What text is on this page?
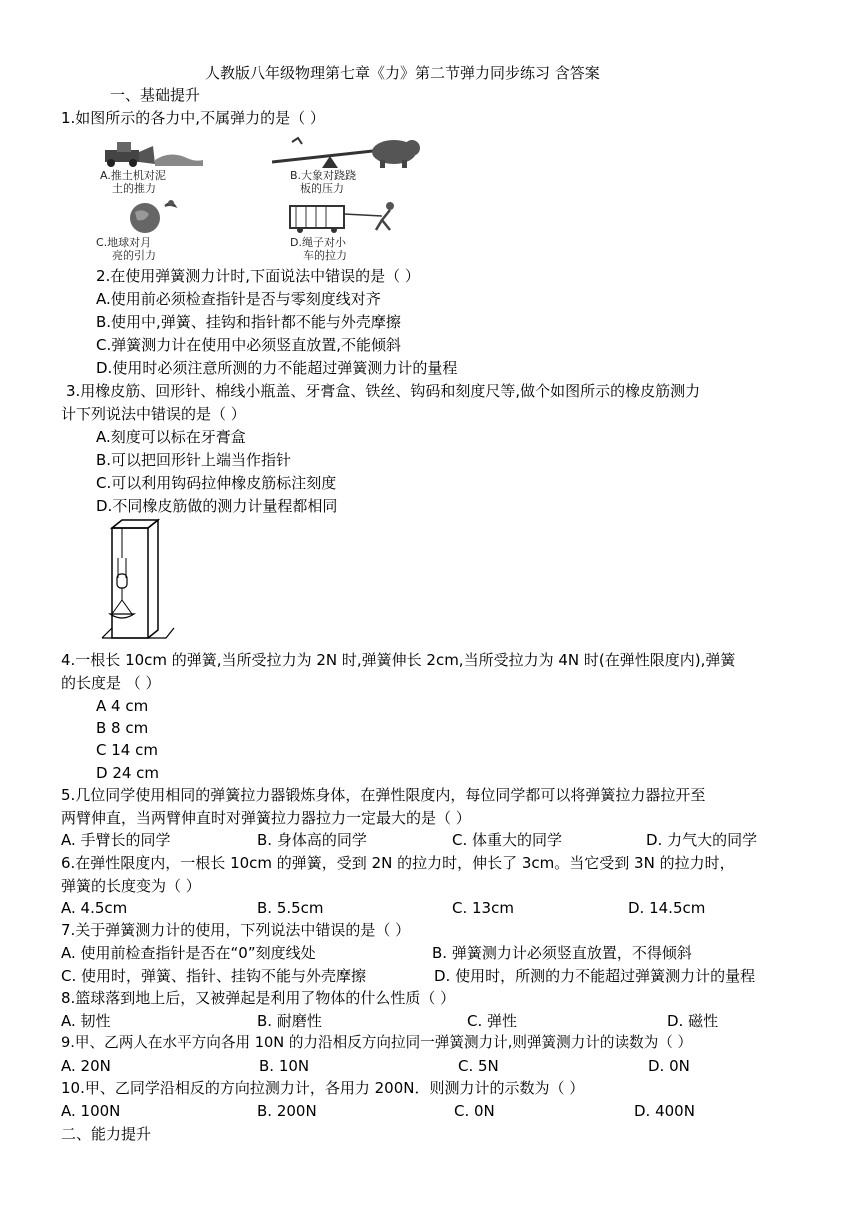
人教版八年级物理第七章《力》第二节弹力同步练习 含答案
一、基础提升
1.如图所示的各力中,不属弹力的是（ ）
A.推土机对泥
土的推力
B.大象对跷跷
板的压力
C.地球对月
亮的引力
D.绳子对小
车的拉力
2.在使用弹簧测力计时,下面说法中错误的是（ ）
A.使用前必须检查指针是否与零刻度线对齐
B.使用中,弹簧、挂钩和指针都不能与外壳摩擦
C.弹簧测力计在使用中必须竖直放置,不能倾斜
D.使用时必须注意所测的力不能超过弹簧测力计的量程
3.用橡皮筋、回形针、棉线小瓶盖、牙膏盒、铁丝、钩码和刻度尺等,做个如图所示的橡皮筋测力
计下列说法中错误的是（ ）
A.刻度可以标在牙膏盒
B.可以把回形针上端当作指针
C.可以利用钩码拉伸橡皮筋标注刻度
D.不同橡皮筋做的测力计量程都相同
4.一根长 10cm 的弹簧,当所受拉力为 2N 时,弹簧伸长 2cm,当所受拉力为 4N 时(在弹性限度内),弹簧
的长度是 （ ）
A 4 cm
B 8 cm
C 14 cm
D 24 cm
5.几位同学使用相同的弹簧拉力器锻炼身体，在弹性限度内，每位同学都可以将弹簧拉力器拉开至
两臂伸直，当两臂伸直时对弹簧拉力器拉力一定最大的是（ ）
A. 手臂长的同学	B. 身体高的同学	C. 体重大的同学	D. 力气大的同学
6.在弹性限度内，一根长 10cm 的弹簧，受到 2N 的拉力时，伸长了 3cm。当它受到 3N 的拉力时，
弹簧的长度变为（ ）
A. 4.5cm	B. 5.5cm	C. 13cm	D. 14.5cm
7.关于弹簧测力计的使用，下列说法中错误的是（ ）
A. 使用前检查指针是否在“0”刻度线处	B. 弹簧测力计必须竖直放置，不得倾斜
C. 使用时，弹簧、指针、挂钩不能与外壳摩擦	D. 使用时，所测的力不能超过弹簧测力计的量程
8.篮球落到地上后，又被弹起是利用了物体的什么性质（ ）
A. 韧性	B. 耐磨性	C. 弹性	D. 磁性
9.甲、乙两人在水平方向各用 10N 的力沿相反方向拉同一弹簧测力计,则弹簧测力计的读数为（ ）
A. 20N	B. 10N	C. 5N	D. 0N
10.甲、乙同学沿相反的方向拉测力计，各用力 200N．则测力计的示数为（ ）
A. 100N	B. 200N	C. 0N	D. 400N
二、能力提升
